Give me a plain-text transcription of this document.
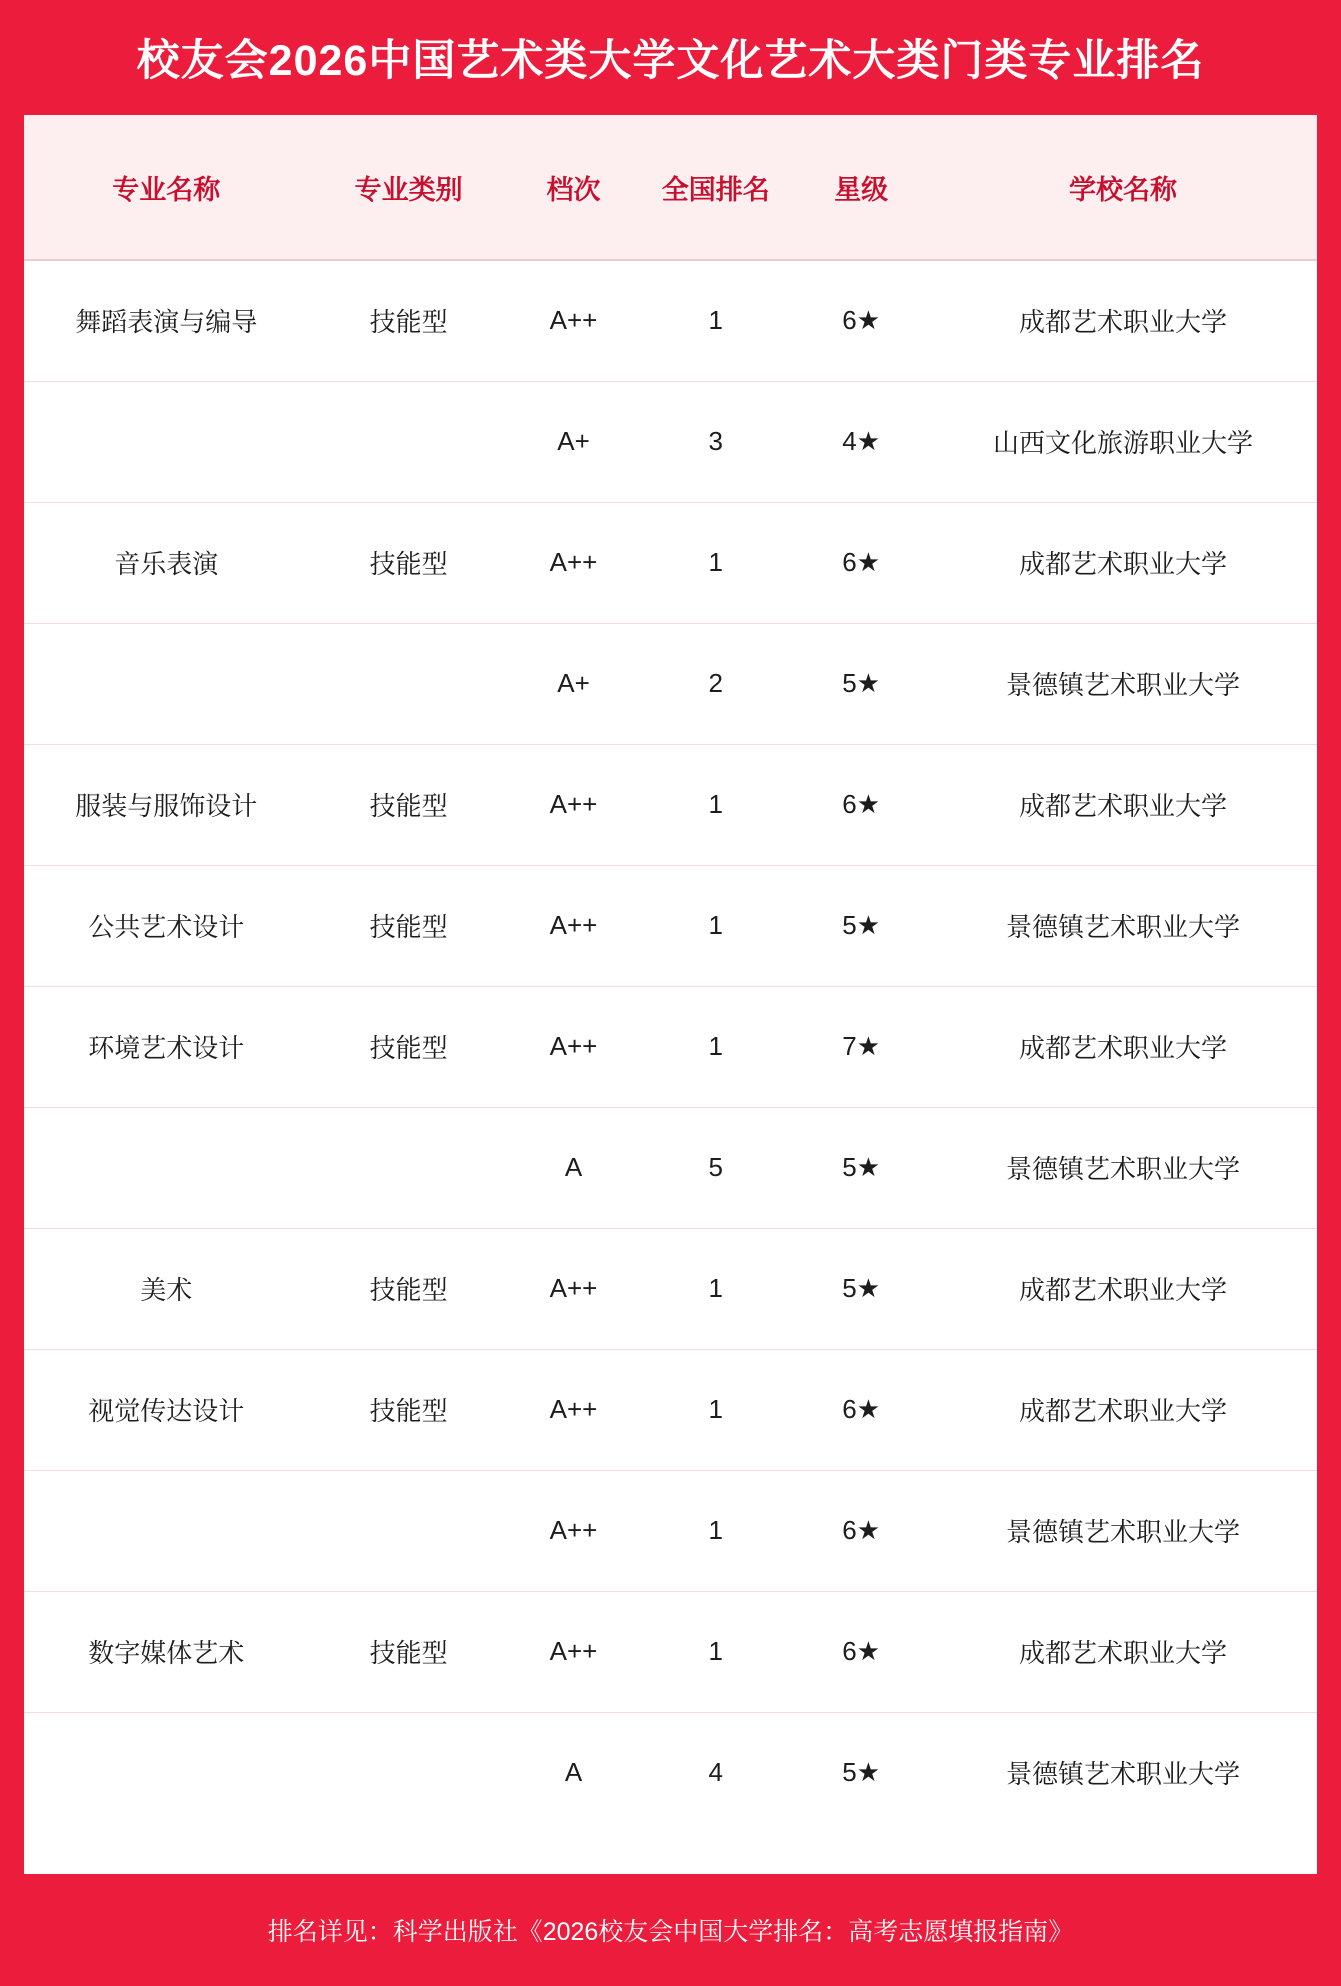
校友会2026中国艺术类大学文化艺术大类门类专业排名
专业名称	专业类别	档次	全国排名	星级	学校名称
舞蹈表演与编导	技能型	A++	1	6★	成都艺术职业大学
		A+	3	4★	山西文化旅游职业大学
音乐表演	技能型	A++	1	6★	成都艺术职业大学
		A+	2	5★	景德镇艺术职业大学
服装与服饰设计	技能型	A++	1	6★	成都艺术职业大学
公共艺术设计	技能型	A++	1	5★	景德镇艺术职业大学
环境艺术设计	技能型	A++	1	7★	成都艺术职业大学
		A	5	5★	景德镇艺术职业大学
美术	技能型	A++	1	5★	成都艺术职业大学
视觉传达设计	技能型	A++	1	6★	成都艺术职业大学
		A++	1	6★	景德镇艺术职业大学
数字媒体艺术	技能型	A++	1	6★	成都艺术职业大学
		A	4	5★	景德镇艺术职业大学
排名详见：科学出版社《2026校友会中国大学排名：高考志愿填报指南》
